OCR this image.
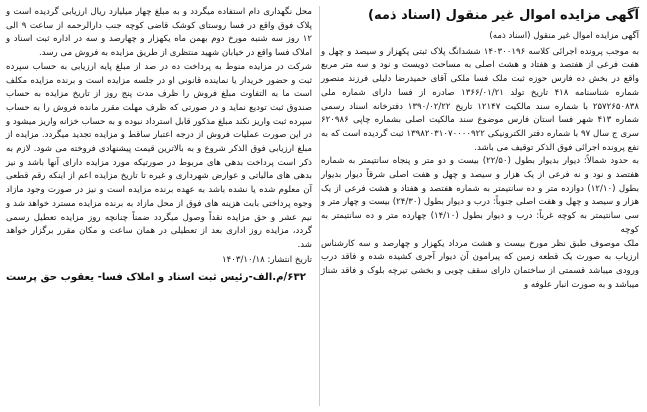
آگهی مزایده اموال غیر منقول (اسناد ذمه)
آگهی مزایده اموال غیر منقول (اسناد ذمه)
به موجب پرونده اجرائی کلاسه ۱۴۰۳۰۰۱۹۶ ششدانگ پلاک ثبتی پکهزار و سیصد و چهل و هفت فرعی از هفتصد و هفتاد و هشت اصلی به مساحت دویست و نود و سه متر مربع واقع در بخش ده فارس حوزه ثبت ملک فسا ملکی آقای حمیدرضا دلیلی فرزند منصور شماره شناسنامه ۴۱۸ تاریخ تولد ۱۳۶۶/۰۱/۲۱ صادره از فسا دارای شماره ملی ۲۵۷۲۶۵۰۸۳۸ با شماره سند مالکیت ۱۲۱۴۷ تاریخ ۱۳۹۰/۰۲/۲۲ دفترخانه اسناد رسمی شماره ۴۱۳ شهر فسا استان فارس موضوع سند مالکیت اصلی بشماره چاپی ۶۲۰۹۸۶ سری ج سال ۹۷ با شماره دفتر الکترونیکی ۱۳۹۸۲۰۳۱۰۷۰۰۰۰۹۲۲ ثبت گردیده است که به نفع پرونده اجرائی فوق الذکر توقیف می باشد.
به حدود شمالاً: دیوار بدیوار بطول (۲۲/۵۰) بیست و دو متر و پنجاه سانتیمتر به شماره هفتصد و نود و نه فرعی از یک هزار و سیصد و چهل و هفت اصلی شرقاً دیوار بدیوار بطول (۱۲/۱۰) دوازده متر و ده سانتیمتر به شماره هفتصد و هفتاد و هشت فرعی از یک هزار و سیصد و چهل و هفت اصلی جنوباً: درب و دیوار بطول (۲۴/۳۰) بیست و چهار متر و سی سانتیمتر به کوچه غرباً: درب و دیوار بطول (۱۴/۱۰) چهارده متر و ده سانتیمتر به کوچه
ملک موصوف طبق نظر مورخ بیست و هشت مرداد یکهزار و چهارصد و سه کارشناس ارزیاب به صورت یک قطعه زمین که پیرامون آن دیوار آجری کشیده شده و فاقد درب ورودی میباشد قسمتی از ساختمان دارای سقف چوبی و بخشی تیرچه بلوک و فاقد شناژ میباشد و به صورت انبار علوفه و
محل نگهداری دام استفاده میگردد و به مبلغ چهار میلیارد ریال ارزیابی گردیده است و پلاک فوق واقع در فسا روستای کوشک قاضی کوچه جنب دارالرحمه از ساعت ۹ الی ۱۲ روز سه شنبه مورخ دوم بهمن ماه یکهزار و چهارصد و سه در اداره ثبت اسناد و املاک فسا واقع در خیابان شهید منتظری از طریق مزایده به فروش می رسد.
شرکت در مزایده منوط به پرداخت ده در صد از مبلغ پایه ارزیابی به حساب سپرده ثبت و حضور خریدار یا نماینده قانونی او در جلسه مزایده است و برنده مزایده مکلف است ما به التفاوت مبلغ فروش را ظرف مدت پنج روز از تاریخ مزایده به حساب صندوق ثبت تودیع نماید و در صورتی که ظرف مهلت مقرر مانده فروش را به حساب سپرده ثبت واریز نکند مبلغ مذکور قابل استرداد نبوده و به حساب خزانه واریز میشود و در این صورت عملیات فروش از درجه اعتبار ساقط و مزایده تجدید میگردد. مزایده از مبلغ ارزیابی فوق الذکر شروع و به بالاترین قیمت پیشنهادی فروخته می شود. لازم به ذکر است پرداخت بدهی های مربوط در صورتیکه مورد مزایده دارای آنها باشد و نیز بدهی های مالیاتی و عوارض شهرداری و غیره تا تاریخ مزایده اعم از اینکه رقم قطعی آن معلوم شده یا نشده باشد به عهده برنده مزایده است و نیز در صورت وجود مازاد وجوه پرداختی بابت هزینه های فوق از محل مازاد به برنده مزایده مسترد خواهد شد و نیم عشر و حق مزایده نقداً وصول میگردد ضمناً چنانچه روز مزایده تعطیل رسمی گردد، مزایده روز اداری بعد از تعطیلی در همان ساعت و مکان مقرر برگزار خواهد شد.
تاریخ انتشار: ۱۴۰۳/۱۰/۱۸
۶۳۲/م.الف-رئیس ثبت اسناد و املاک فسا- یعقوب حق پرست
